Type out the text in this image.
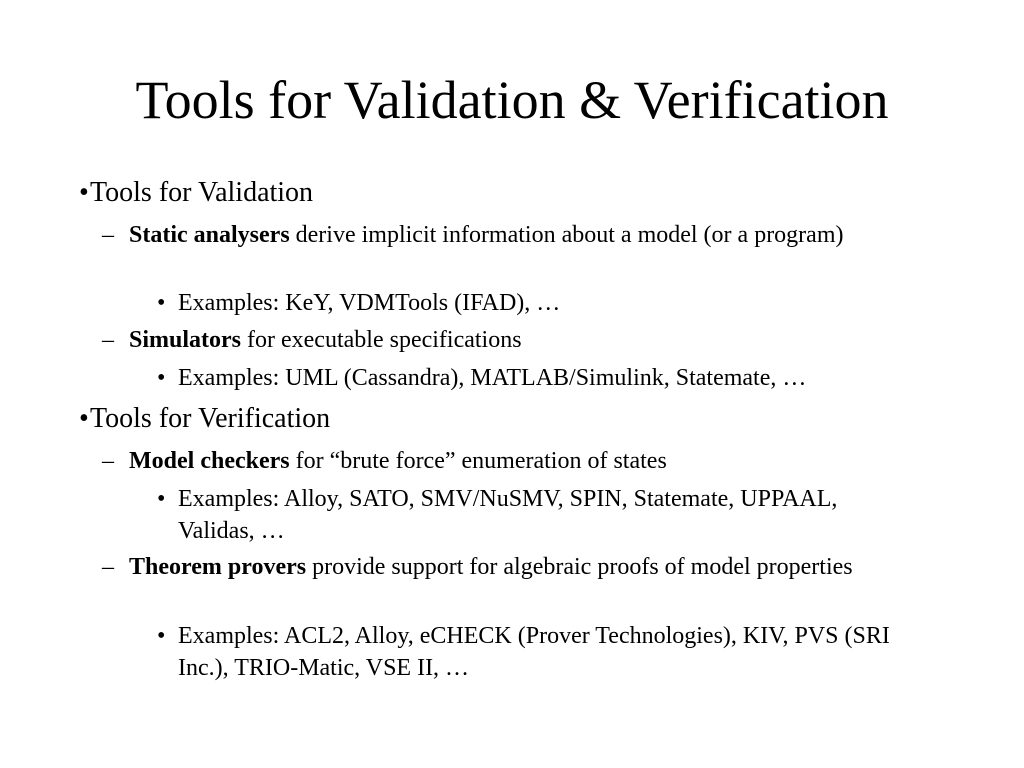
Tools for Validation & Verification

•Tools for Validation

– Static analysers derive implicit information about a model (or a program)
• Examples: KeY, VDMTools (IFAD), …
– Simulators for executable specifications
• Examples: UML (Cassandra), MATLAB/Simulink, Statemate, …

•Tools for Verification

– Model checkers for “brute force” enumeration of states
• Examples: Alloy, SATO, SMV/NuSMV, SPIN, Statemate, UPPAAL, Validas, …
– Theorem provers provide support for algebraic proofs of model properties
• Examples: ACL2, Alloy, eCHECK (Prover Technologies), KIV, PVS (SRI Inc.), TRIO-Matic, VSE II, …
